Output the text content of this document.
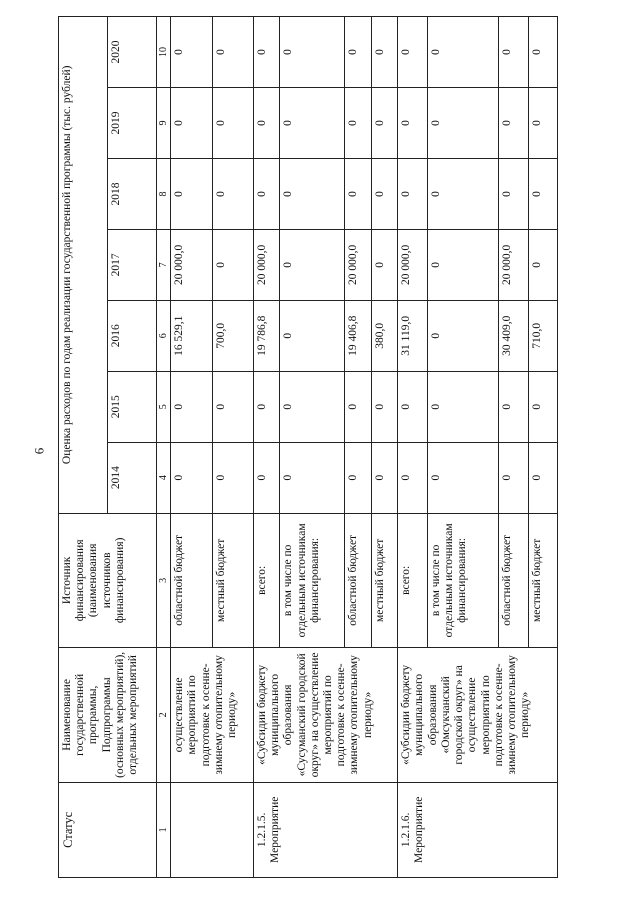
6
Статус	Наименование государственной программы, Подпрограммы (основных мероприятий), отдельных мероприятий	Источник финансирования (наименования источников финансирования)	Оценка расходов по годам реализации государственной программы (тыс. рублей)						
			2014	2015	2016	2017	2018	2019	2020
1	2	3	4	5	6	7	8	9	10
	осуществление мероприятий по подготовке к осенне-зимнему отопительному периоду»	областной бюджет	0	0	16 529,1	20 000,0	0	0	0
		местный бюджет	0	0	700,0	0	0	0	0

1.2.1.5. Мероприятие	«Субсидии бюджету муниципального образования «Сусуманский городской округ» на осуществление мероприятий по подготовке к осенне-зимнему отопительному периоду»	всего:	0	0	19 786,8	20 000,0	0	0	0
		в том числе по отдельным источникам финансирования:	0	0	0	0	0	0	0
		областной бюджет	0	0	19 406,8	20 000,0	0	0	0
		местный бюджет	0	0	380,0	0	0	0	0

1.2.1.6. Мероприятие	«Субсидии бюджету муниципального образования «Омсукчанский городской округ» на осуществление мероприятий по подготовке к осенне-зимнему отопительному периоду»	всего:	0	0	31 119,0	20 000,0	0	0	0
		в том числе по отдельным источникам финансирования:	0	0	0	0	0	0	0
		областной бюджет	0	0	30 409,0	20 000,0	0	0	0
		местный бюджет	0	0	710,0	0	0	0	0
